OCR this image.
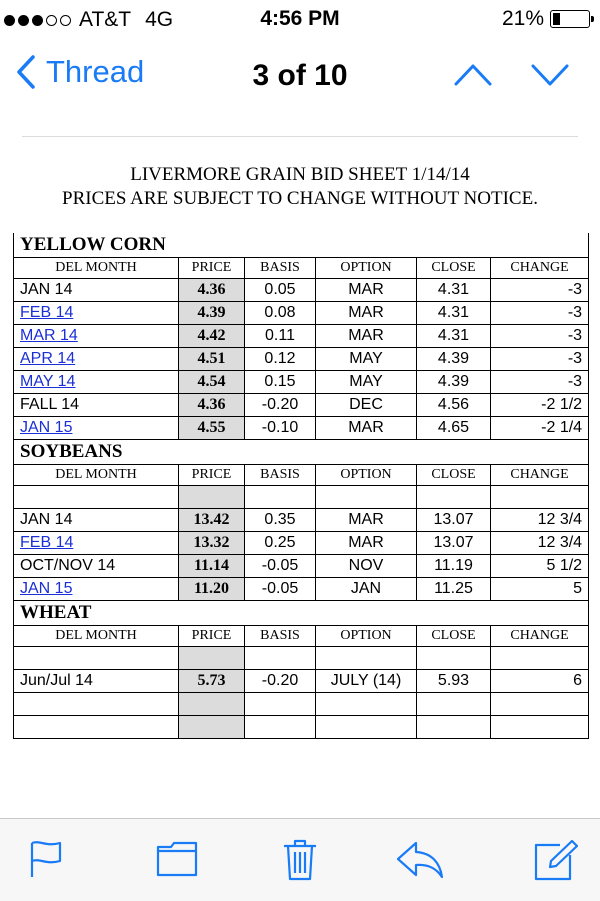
AT&T 4G	4:56 PM	21%
Thread	3 of 10
LIVERMORE GRAIN BID SHEET 1/14/14
PRICES ARE SUBJECT TO CHANGE WITHOUT NOTICE.
YELLOW CORN					
DEL MONTH	PRICE	BASIS	OPTION	CLOSE	CHANGE
JAN 14	4.36	0.05	MAR	4.31	-3
FEB 14	4.39	0.08	MAR	4.31	-3
MAR 14	4.42	0.11	MAR	4.31	-3
APR 14	4.51	0.12	MAY	4.39	-3
MAY 14	4.54	0.15	MAY	4.39	-3
FALL 14	4.36	-0.20	DEC	4.56	-2 1/2
JAN 15	4.55	-0.10	MAR	4.65	-2 1/4
SOYBEANS					
DEL MONTH	PRICE	BASIS	OPTION	CLOSE	CHANGE

JAN 14	13.42	0.35	MAR	13.07	12 3/4
FEB 14	13.32	0.25	MAR	13.07	12 3/4
OCT/NOV 14	11.14	-0.05	NOV	11.19	5 1/2
JAN 15	11.20	-0.05	JAN	11.25	5
WHEAT					
DEL MONTH	PRICE	BASIS	OPTION	CLOSE	CHANGE

Jun/Jul 14	5.73	-0.20	JULY (14)	5.93	6
